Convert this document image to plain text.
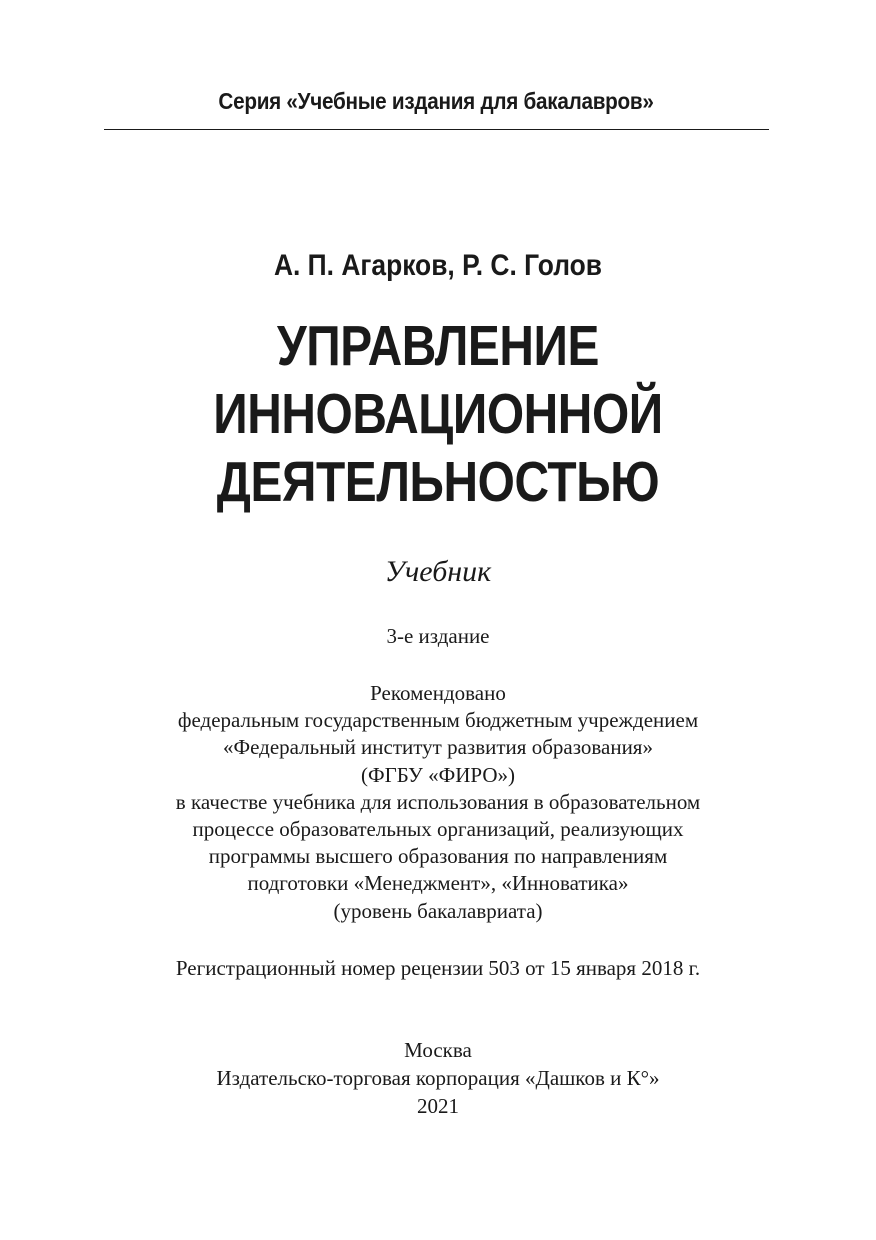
Серия «Учебные издания для бакалавров»
А. П. Агарков, Р. С. Голов
УПРАВЛЕНИЕ
ИННОВАЦИОННОЙ
ДЕЯТЕЛЬНОСТЬЮ
Учебник
3-е издание
Рекомендовано
федеральным государственным бюджетным учреждением
«Федеральный институт развития образования»
(ФГБУ «ФИРО»)
в качестве учебника для использования в образовательном
процессе образовательных организаций, реализующих
программы высшего образования по направлениям
подготовки «Менеджмент», «Инноватика»
(уровень бакалавриата)
Регистрационный номер рецензии 503 от 15 января 2018 г.
Москва
Издательско-торговая корпорация «Дашков и К°»
2021
